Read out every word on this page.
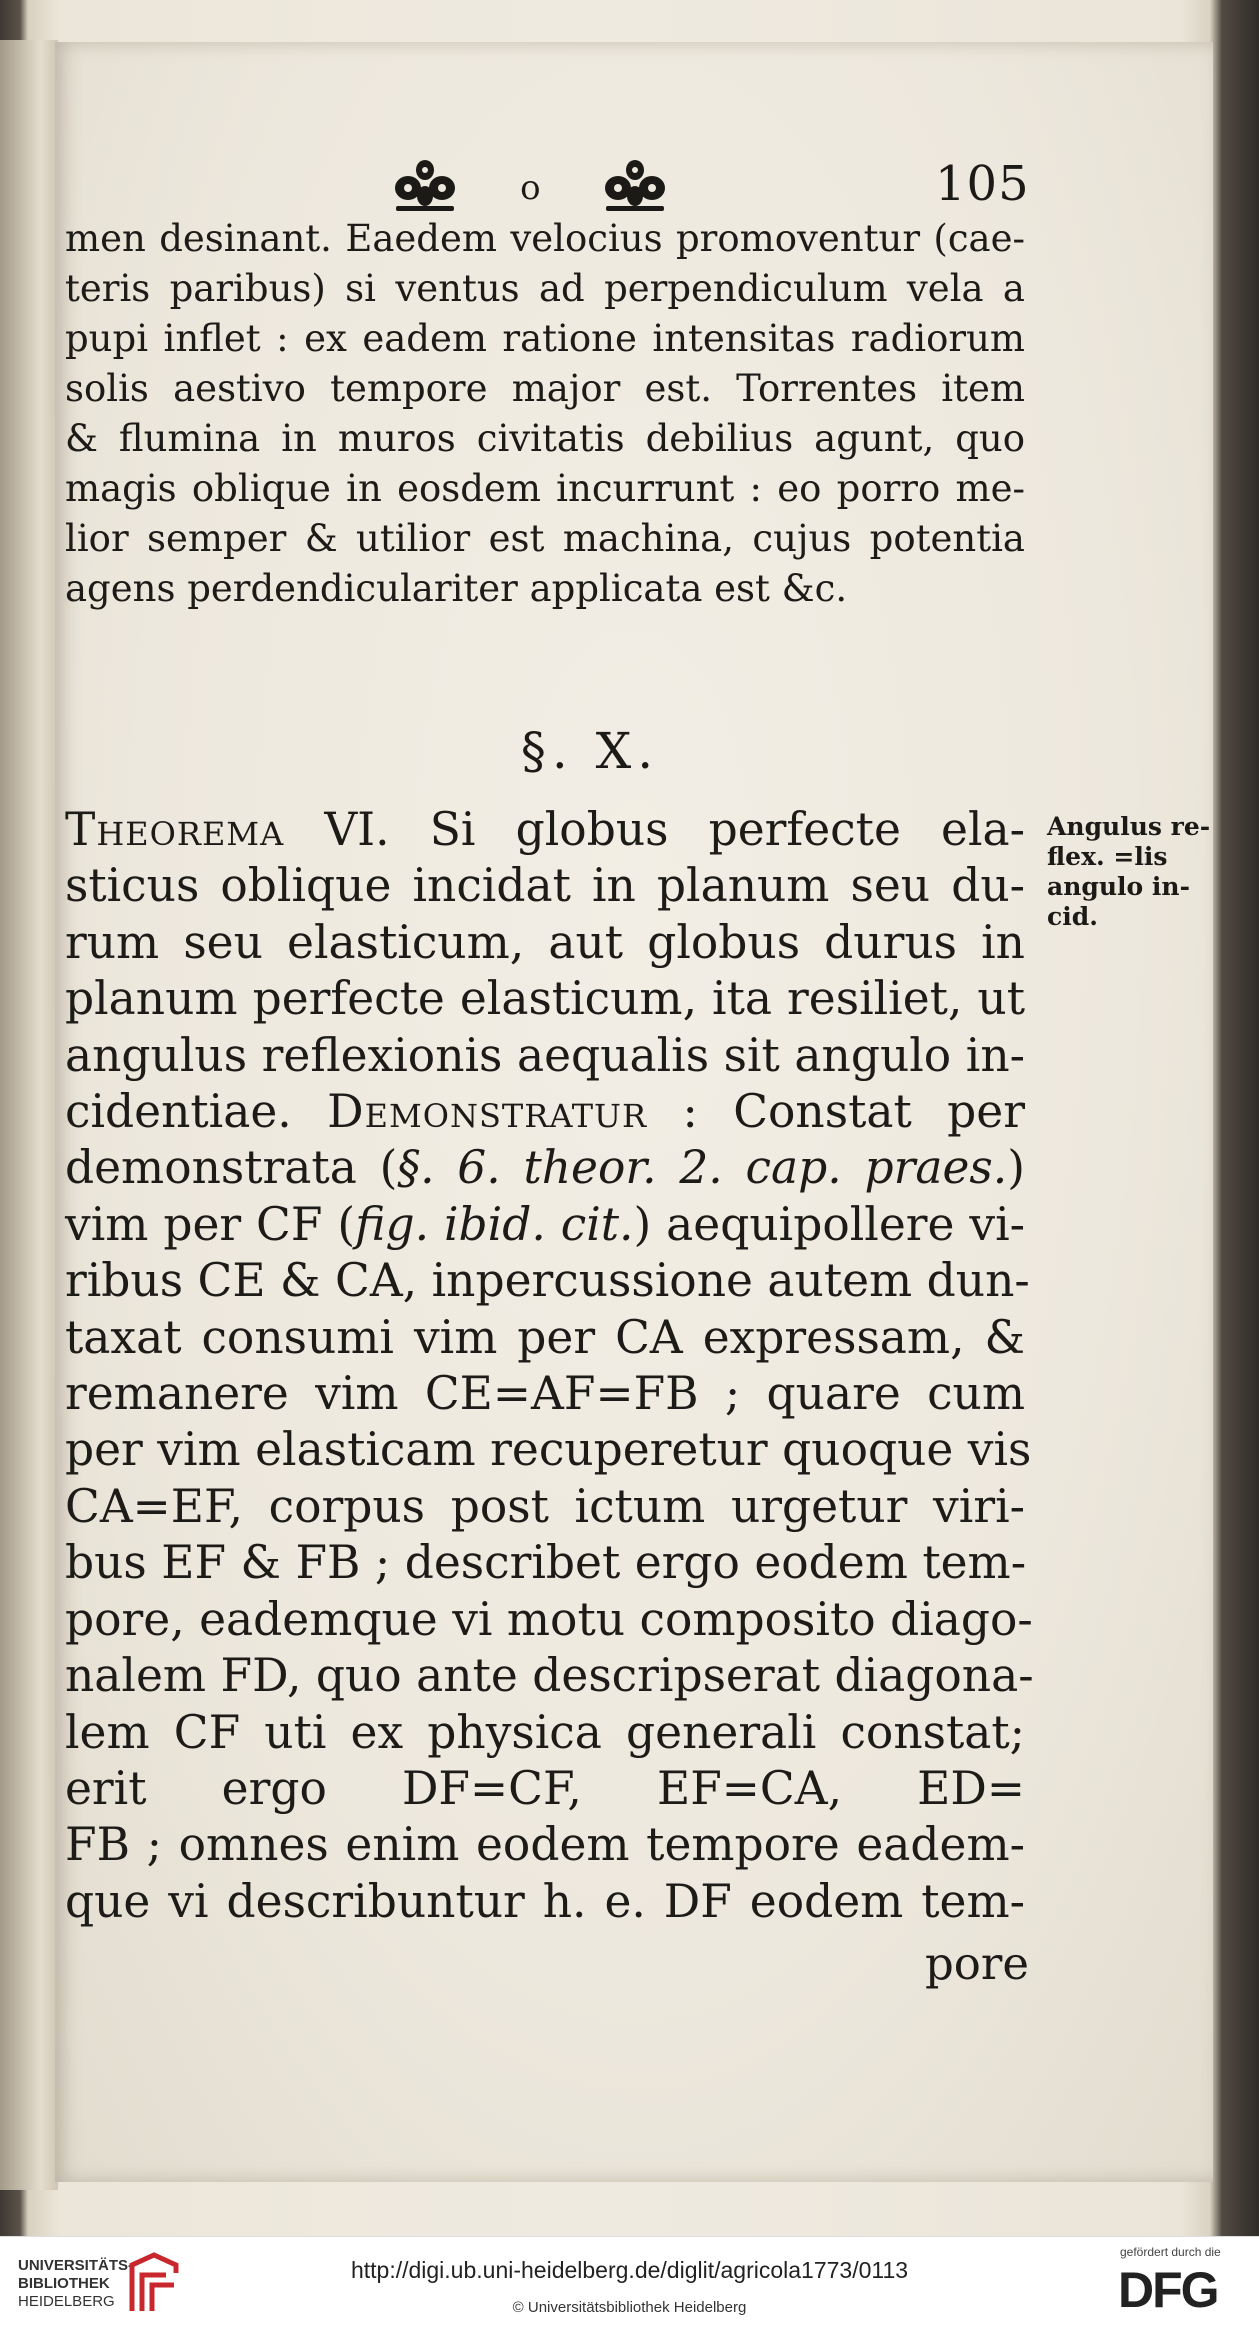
օ	105
men desinant. Eaedem velocius promoventur (cae-
teris paribus) si ventus ad perpendiculum vela a
pupi inflet : ex eadem ratione intensitas radiorum
solis aestivo tempore major est. Torrentes item
& flumina in muros civitatis debilius agunt, quo
magis oblique in eosdem incurrunt : eo porro me-
lior semper & utilior est machina, cujus potentia
agens perdendiculariter applicata est &c.
§. X.
Theorema VI. Si globus perfecte ela-
sticus oblique incidat in planum seu du-
rum seu elasticum, aut globus durus in
planum perfecte elasticum, ita resiliet, ut
angulus reflexionis aequalis sit angulo in-
cidentiae. Demonstratur : Constat per
demonstrata (§. 6. theor. 2. cap. praes.)
vim per CF (fig. ibid. cit.) aequipollere vi-
ribus CE & CA, inpercussione autem dun-
taxat consumi vim per CA expressam, &
remanere vim CE=AF=FB ; quare cum
per vim elasticam recuperetur quoque vis
CA=EF, corpus post ictum urgetur viri-
bus EF & FB ; describet ergo eodem tem-
pore, eademque vi motu composito diago-
nalem FD, quo ante descripserat diagona-
lem CF uti ex physica generali constat;
erit ergo DF=CF, EF=CA, ED=
FB ; omnes enim eodem tempore eadem-
que vi describuntur h. e. DF eodem tem-
pore
Angulus re-
flex. =lis
angulo in-
cid.
UNIVERSITÄTS-
BIBLIOTHEK
HEIDELBERG
http://digi.ub.uni-heidelberg.de/diglit/agricola1773/0113
© Universitätsbibliothek Heidelberg
gefördert durch die
DFG
